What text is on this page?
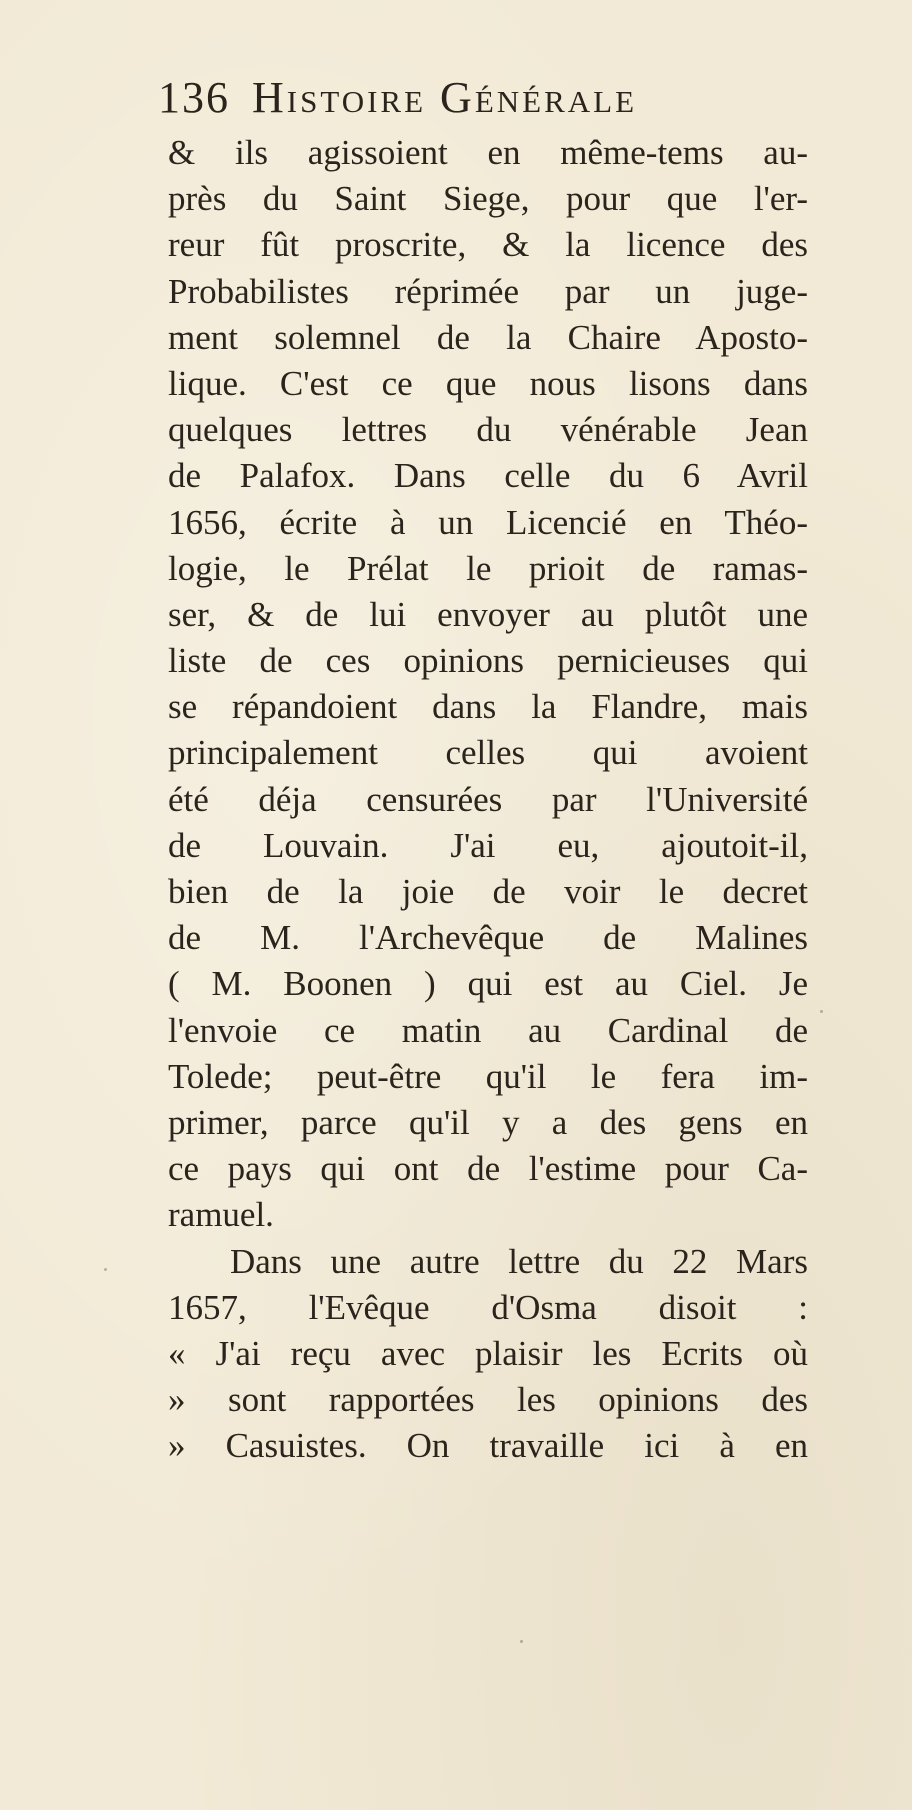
136 Histoire Générale
& ils agissoient en même-tems au-
près du Saint Siege, pour que l'er-
reur fût proscrite, & la licence des
Probabilistes réprimée par un juge-
ment solemnel de la Chaire Aposto-
lique. C'est ce que nous lisons dans
quelques lettres du vénérable Jean
de Palafox. Dans celle du 6 Avril
1656, écrite à un Licencié en Théo-
logie, le Prélat le prioit de ramas-
ser, & de lui envoyer au plutôt une
liste de ces opinions pernicieuses qui
se répandoient dans la Flandre, mais
principalement celles qui avoient
été déja censurées par l'Université
de Louvain. J'ai eu, ajoutoit-il,
bien de la joie de voir le decret
de M. l'Archevêque de Malines
( M. Boonen ) qui est au Ciel. Je
l'envoie ce matin au Cardinal de
Tolede; peut-être qu'il le fera im-
primer, parce qu'il y a des gens en
ce pays qui ont de l'estime pour Ca-
ramuel.
Dans une autre lettre du 22 Mars
1657, l'Evêque d'Osma disoit :
« J'ai reçu avec plaisir les Ecrits où
» sont rapportées les opinions des
» Casuistes. On travaille ici à en
